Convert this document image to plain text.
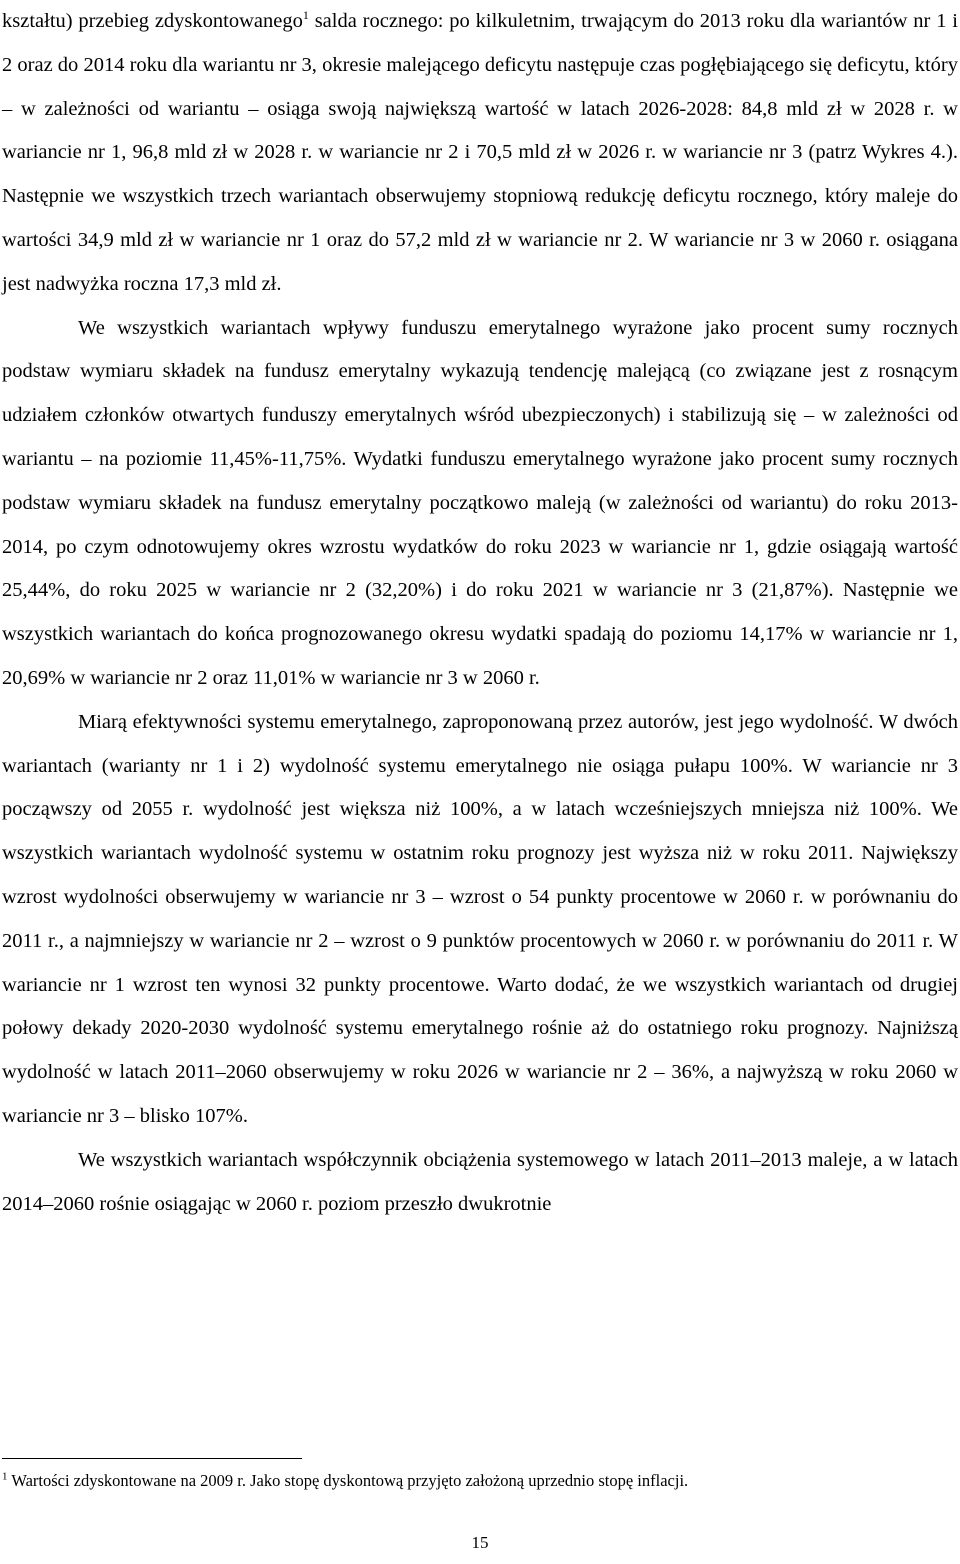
kształtu) przebieg zdyskontowanego$^1$ salda rocznego: po kilkuletnim, trwającym do 2013 roku dla wariantów nr 1 i 2 oraz do 2014 roku dla wariantu nr 3, okresie malejącego deficytu następuje czas pogłębiającego się deficytu, który – w zależności od wariantu – osiąga swoją największą wartość w latach 2026-2028: 84,8 mld zł w 2028 r. w wariancie nr 1, 96,8 mld zł w 2028 r. w wariancie nr 2 i 70,5 mld zł w 2026 r. w wariancie nr 3 (patrz Wykres 4.). Następnie we wszystkich trzech wariantach obserwujemy stopniową redukcję deficytu rocznego, który maleje do wartości 34,9 mld zł w wariancie nr 1 oraz do 57,2 mld zł w wariancie nr 2. W wariancie nr 3 w 2060 r. osiągana jest nadwyżka roczna 17,3 mld zł.

We wszystkich wariantach wpływy funduszu emerytalnego wyrażone jako procent sumy rocznych podstaw wymiaru składek na fundusz emerytalny wykazują tendencję malejącą (co związane jest z rosnącym udziałem członków otwartych funduszy emerytalnych wśród ubezpieczonych) i stabilizują się – w zależności od wariantu – na poziomie 11,45%-11,75%. Wydatki funduszu emerytalnego wyrażone jako procent sumy rocznych podstaw wymiaru składek na fundusz emerytalny początkowo maleją (w zależności od wariantu) do roku 2013-2014, po czym odnotowujemy okres wzrostu wydatków do roku 2023 w wariancie nr 1, gdzie osiągają wartość 25,44%, do roku 2025 w wariancie nr 2 (32,20%) i do roku 2021 w wariancie nr 3 (21,87%). Następnie we wszystkich wariantach do końca prognozowanego okresu wydatki spadają do poziomu 14,17% w wariancie nr 1, 20,69% w wariancie nr 2 oraz 11,01% w wariancie nr 3 w 2060 r.

Miarą efektywności systemu emerytalnego, zaproponowaną przez autorów, jest jego wydolność. W dwóch wariantach (warianty nr 1 i 2) wydolność systemu emerytalnego nie osiąga pułapu 100%. W wariancie nr 3 począwszy od 2055 r. wydolność jest większa niż 100%, a w latach wcześniejszych mniejsza niż 100%. We wszystkich wariantach wydolność systemu w ostatnim roku prognozy jest wyższa niż w roku 2011. Największy wzrost wydolności obserwujemy w wariancie nr 3 – wzrost o 54 punkty procentowe w 2060 r. w porównaniu do 2011 r., a najmniejszy w wariancie nr 2 – wzrost o 9 punktów procentowych w 2060 r. w porównaniu do 2011 r. W wariancie nr 1 wzrost ten wynosi 32 punkty procentowe. Warto dodać, że we wszystkich wariantach od drugiej połowy dekady 2020-2030 wydolność systemu emerytalnego rośnie aż do ostatniego roku prognozy. Najniższą wydolność w latach 2011–2060 obserwujemy w roku 2026 w wariancie nr 2 – 36%, a najwyższą w roku 2060 w wariancie nr 3 – blisko 107%.

We wszystkich wariantach współczynnik obciążenia systemowego w latach 2011–2013 maleje, a w latach 2014–2060 rośnie osiągając w 2060 r. poziom przeszło dwukrotnie

$^1$ Wartości zdyskontowane na 2009 r. Jako stopę dyskontową przyjęto założoną uprzednio stopę inflacji.
15
